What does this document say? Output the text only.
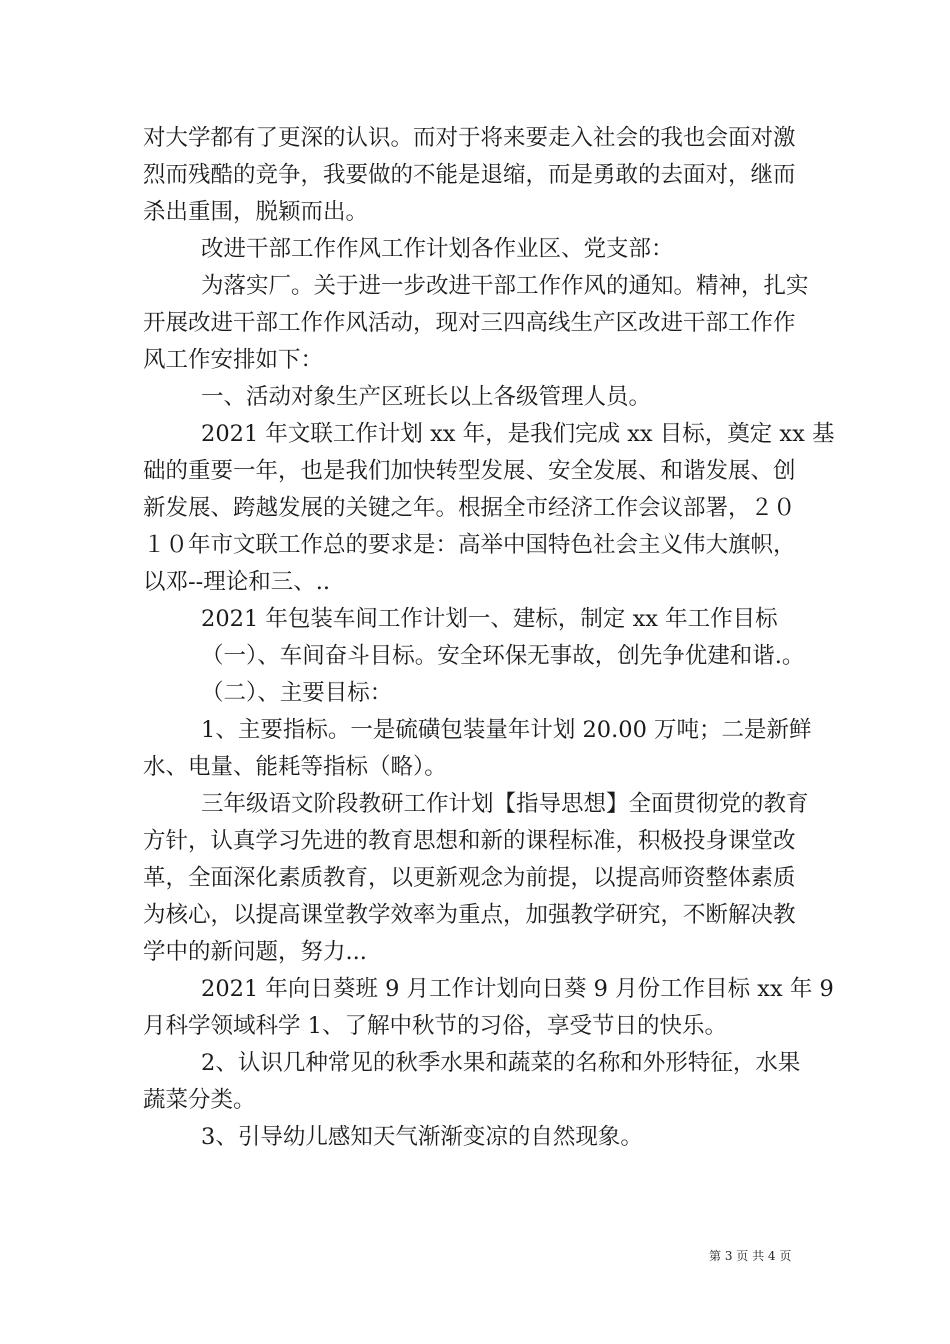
对大学都有了更深的认识。而对于将来要走入社会的我也会面对激
烈而残酷的竞争，我要做的不能是退缩，而是勇敢的去面对，继而
杀出重围，脱颖而出。
改进干部工作作风工作计划各作业区、党支部：
为落实厂。关于进一步改进干部工作作风的通知。精神，扎实
开展改进干部工作作风活动，现对三四高线生产区改进干部工作作
风工作安排如下：
一、活动对象生产区班长以上各级管理人员。
2021 年文联工作计划 xx 年，是我们完成 xx 目标，奠定 xx 基
础的重要一年，也是我们加快转型发展、安全发展、和谐发展、创
新发展、跨越发展的关键之年。根据全市经济工作会议部署，２０
１０年市文联工作总的要求是：高举中国特色社会主义伟大旗帜，
以邓--理论和三、..
2021 年包装车间工作计划一、建标，制定 xx 年工作目标
（一）、车间奋斗目标。安全环保无事故，创先争优建和谐.。
（二）、主要目标：
1、主要指标。一是硫磺包装量年计划 20.00 万吨；二是新鲜
水、电量、能耗等指标（略）。
三年级语文阶段教研工作计划【指导思想】全面贯彻党的教育
方针，认真学习先进的教育思想和新的课程标准，积极投身课堂改
革，全面深化素质教育，以更新观念为前提，以提高师资整体素质
为核心，以提高课堂教学效率为重点，加强教学研究，不断解决教
学中的新问题，努力...
2021 年向日葵班 9 月工作计划向日葵 9 月份工作目标 xx 年 9
月科学领域科学 1、了解中秋节的习俗，享受节日的快乐。
2、认识几种常见的秋季水果和蔬菜的名称和外形特征，水果
蔬菜分类。
3、引导幼儿感知天气渐渐变凉的自然现象。
第 3 页 共 4 页
